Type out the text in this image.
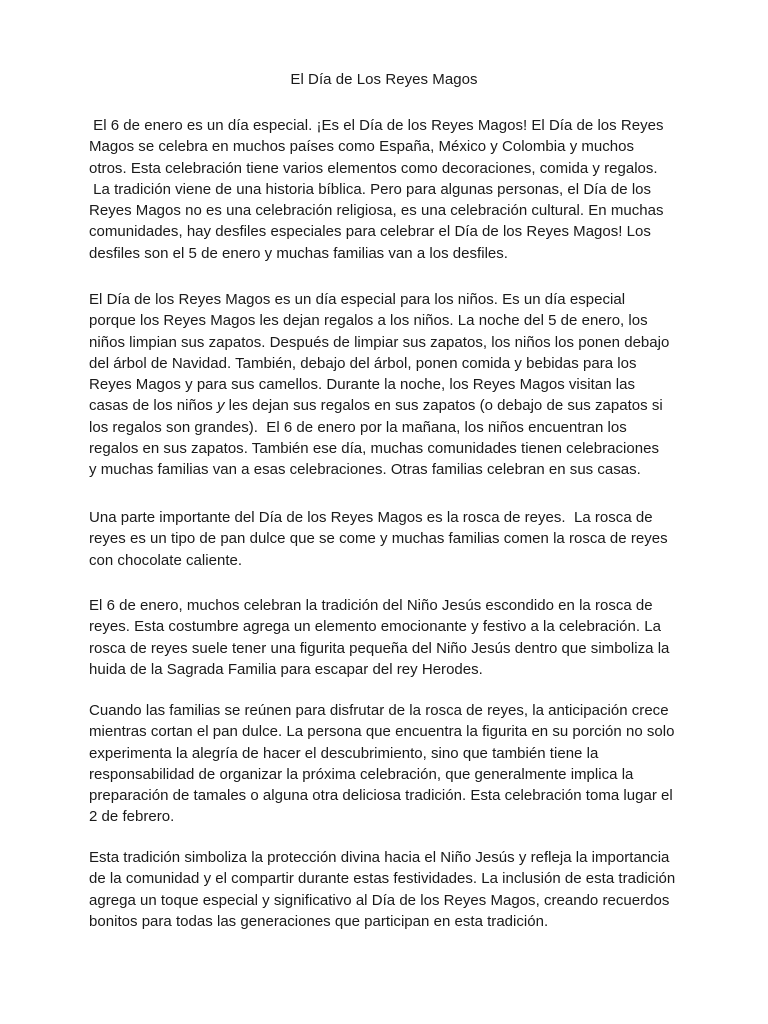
El Día de Los Reyes Magos

El 6 de enero es un día especial. ¡Es el Día de los Reyes Magos! El Día de los Reyes
Magos se celebra en muchos países como España, México y Colombia y muchos
otros. Esta celebración tiene varios elementos como decoraciones, comida y regalos.
La tradición viene de una historia bíblica. Pero para algunas personas, el Día de los
Reyes Magos no es una celebración religiosa, es una celebración cultural. En muchas
comunidades, hay desfiles especiales para celebrar el Día de los Reyes Magos! Los
desfiles son el 5 de enero y muchas familias van a los desfiles.

El Día de los Reyes Magos es un día especial para los niños. Es un día especial
porque los Reyes Magos les dejan regalos a los niños. La noche del 5 de enero, los
niños limpian sus zapatos. Después de limpiar sus zapatos, los niños los ponen debajo
del árbol de Navidad. También, debajo del árbol, ponen comida y bebidas para los
Reyes Magos y para sus camellos. Durante la noche, los Reyes Magos visitan las
casas de los niños y les dejan sus regalos en sus zapatos (o debajo de sus zapatos si
los regalos son grandes).  El 6 de enero por la mañana, los niños encuentran los
regalos en sus zapatos. También ese día, muchas comunidades tienen celebraciones
y muchas familias van a esas celebraciones. Otras familias celebran en sus casas.

Una parte importante del Día de los Reyes Magos es la rosca de reyes.  La rosca de
reyes es un tipo de pan dulce que se come y muchas familias comen la rosca de reyes
con chocolate caliente.

El 6 de enero, muchos celebran la tradición del Niño Jesús escondido en la rosca de
reyes. Esta costumbre agrega un elemento emocionante y festivo a la celebración. La
rosca de reyes suele tener una figurita pequeña del Niño Jesús dentro que simboliza la
huida de la Sagrada Familia para escapar del rey Herodes.

Cuando las familias se reúnen para disfrutar de la rosca de reyes, la anticipación crece
mientras cortan el pan dulce. La persona que encuentra la figurita en su porción no solo
experimenta la alegría de hacer el descubrimiento, sino que también tiene la
responsabilidad de organizar la próxima celebración, que generalmente implica la
preparación de tamales o alguna otra deliciosa tradición. Esta celebración toma lugar el
2 de febrero.

Esta tradición simboliza la protección divina hacia el Niño Jesús y refleja la importancia
de la comunidad y el compartir durante estas festividades. La inclusión de esta tradición
agrega un toque especial y significativo al Día de los Reyes Magos, creando recuerdos
bonitos para todas las generaciones que participan en esta tradición.
